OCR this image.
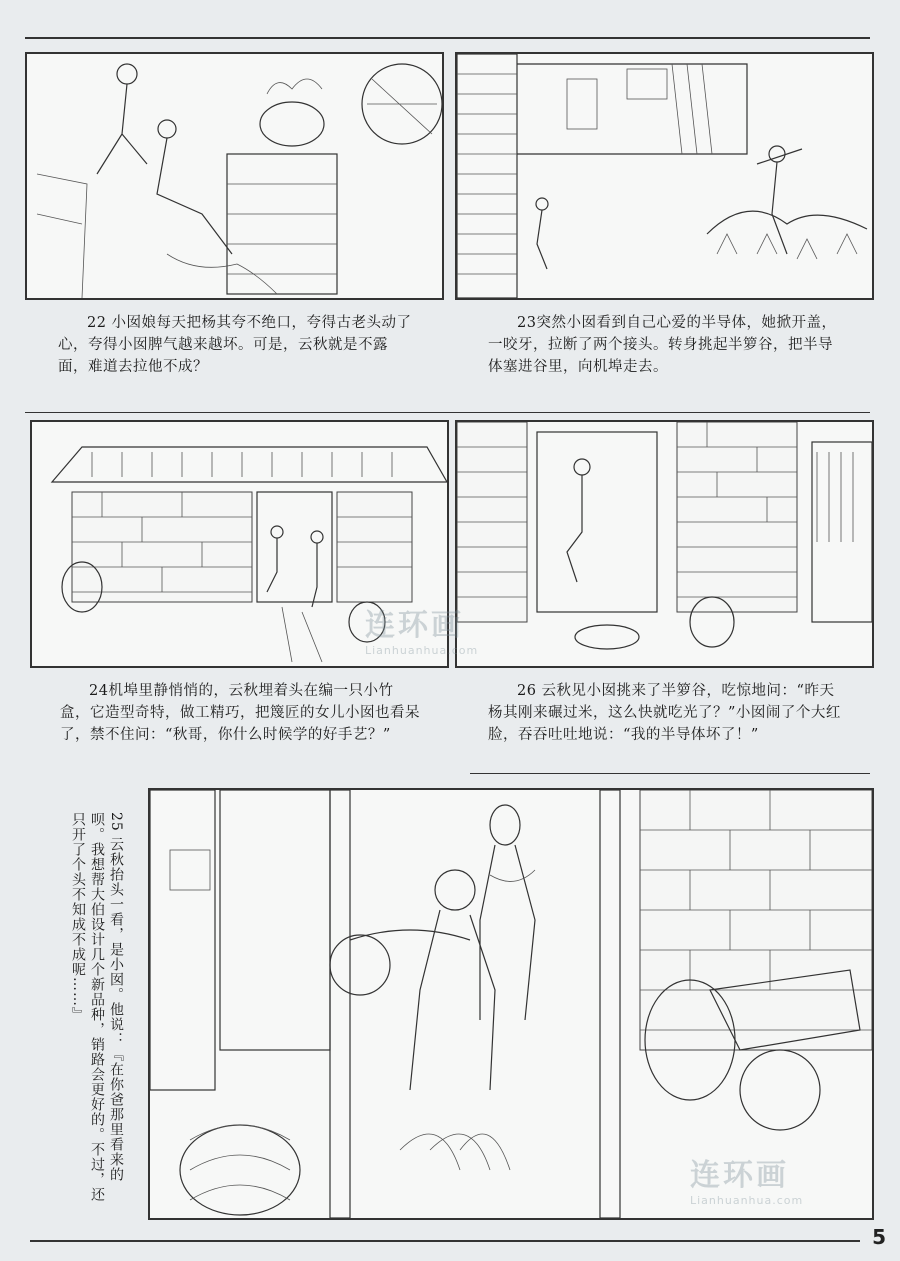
22 小囡娘每天把杨其夸不绝口，夸得古老头动了心，夸得小囡脾气越来越坏。可是，云秋就是不露面，难道去拉他不成？
23突然小囡看到自己心爱的半导体，她掀开盖，一咬牙，拉断了两个接头。转身挑起半箩谷，把半导体塞进谷里，向机埠走去。
24机埠里静悄悄的，云秋埋着头在编一只小竹盒，它造型奇特，做工精巧，把篾匠的女儿小囡也看呆了，禁不住问：“秋哥，你什么时候学的好手艺？”
26 云秋见小囡挑来了半箩谷，吃惊地问：“昨天杨其刚来碾过米，这么快就吃光了？”小囡闹了个大红脸，吞吞吐吐地说：“我的半导体坏了！”
25 云秋抬头一看，是小囡。他说：『在你爸那里看来的呗。我想帮大伯设计几个新品种，销路会更好的。不过，还只开了个头不知成不成呢……』
连环画
Lianhuanhua.com
连环画
Lianhuanhua.com
5
